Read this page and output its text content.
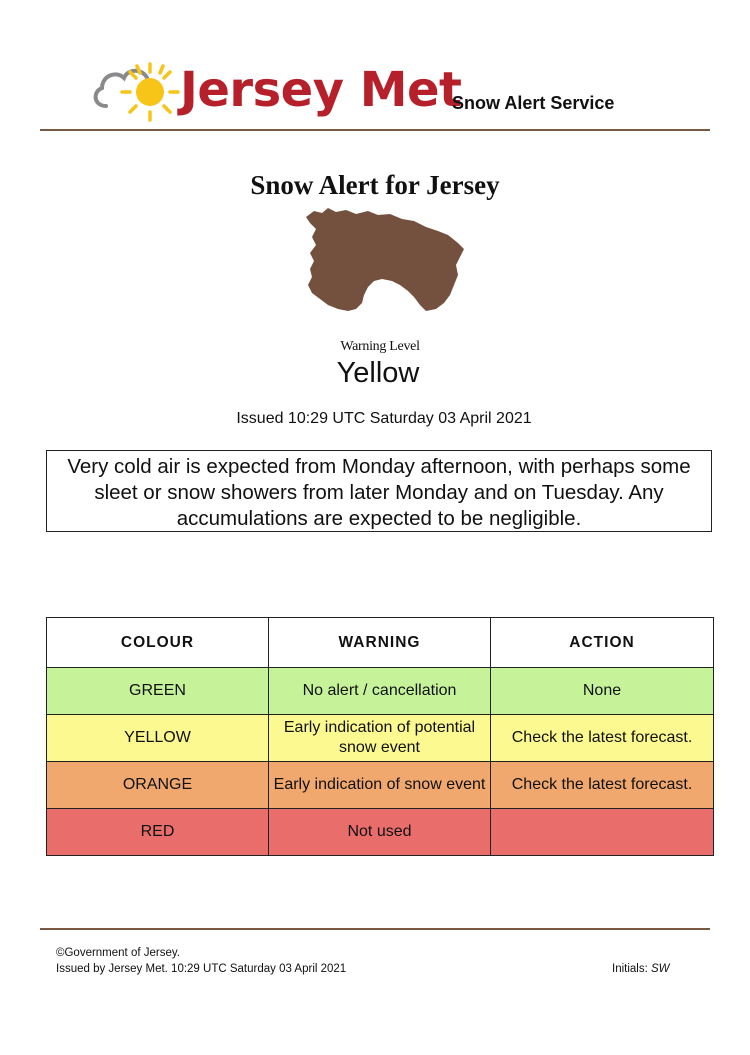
Jersey Met
Snow Alert Service
Snow Alert for Jersey
Warning Level
Yellow
Issued 10:29 UTC Saturday 03 April 2021
Very cold air is expected from Monday afternoon, with perhaps some sleet or snow showers from later Monday and on Tuesday. Any accumulations are expected to be negligible.
COLOUR	WARNING	ACTION
GREEN	No alert / cancellation	None
YELLOW	Early indication of potential snow event	Check the latest forecast.
ORANGE	Early indication of snow event	Check the latest forecast.
RED	Not used	
©Government of Jersey.
Issued by Jersey Met. 10:29 UTC Saturday 03 April 2021	Initials: SW
